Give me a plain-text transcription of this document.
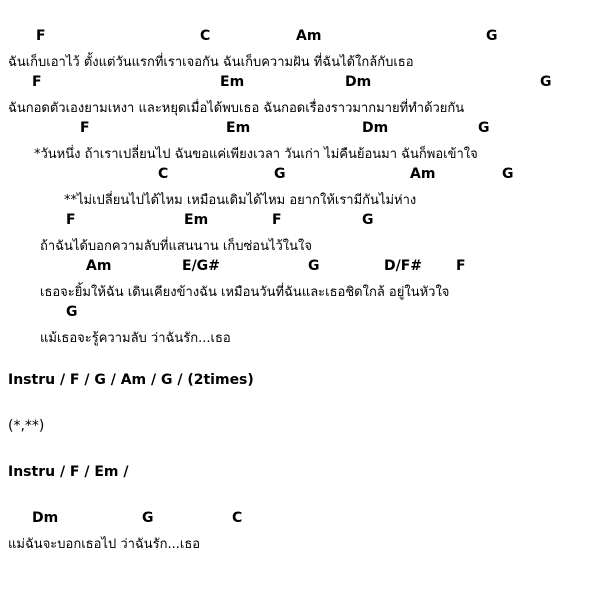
F	C	Am	G
ฉันเก็บเอาไว้ ตั้งแต่วันแรกที่เราเจอกัน ฉันเก็บความฝัน ที่ฉันได้ใกล้กับเธอ
F	Em	Dm	G
ฉันกอดตัวเองยามเหงา และหยุดเมื่อได้พบเธอ ฉันกอดเรื่องราวมากมายที่ทำด้วยกัน
F	Em	Dm	G
*วันหนึ่ง ถ้าเราเปลี่ยนไป ฉันขอแค่เพียงเวลา วันเก่า ไม่คืนย้อนมา ฉันก็พอเข้าใจ
C	G	Am	G
**ไม่เปลี่ยนไปได้ไหม เหมือนเดิมได้ไหม อยากให้เรามีกันไม่ห่าง
F	Em	F	G
ถ้าฉันได้บอกความลับที่แสนนาน เก็บซ่อนไว้ในใจ
Am	E/G#	G	D/F# F
เธอจะยิ้มให้ฉัน เดินเคียงข้างฉัน เหมือนวันที่ฉันและเธอชิดใกล้ อยู่ในหัวใจ
G
แม้เธอจะรู้ความลับ ว่าฉันรัก...เธอ
Instru / F / G / Am / G / (2times)
(*,**)
Instru / F / Em /
Dm	G	C
แม่ฉันจะบอกเธอไป ว่าฉันรัก...เธอ
